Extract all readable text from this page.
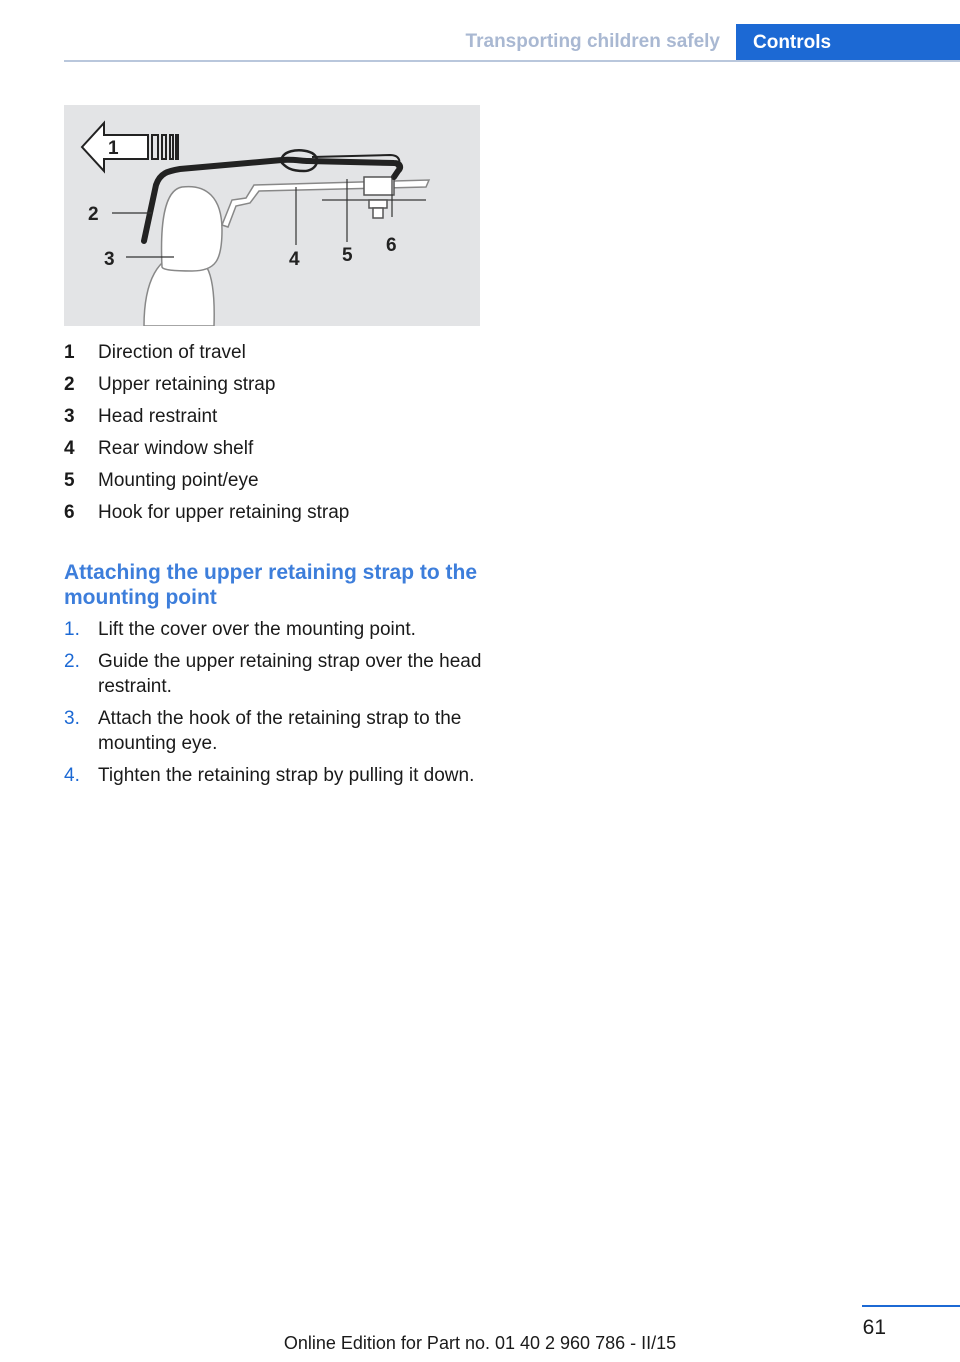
Transporting children safely	Controls
1
2
3	4 5 6
1	Direction of travel
2	Upper retaining strap
3	Head restraint
4	Rear window shelf
5	Mounting point/eye
6	Hook for upper retaining strap
Attaching the upper retaining strap to the mounting point
1. Lift the cover over the mounting point.
2. Guide the upper retaining strap over the head restraint.
3. Attach the hook of the retaining strap to the mounting eye.
4. Tighten the retaining strap by pulling it down.
61
Online Edition for Part no. 01 40 2 960 786 - II/15
